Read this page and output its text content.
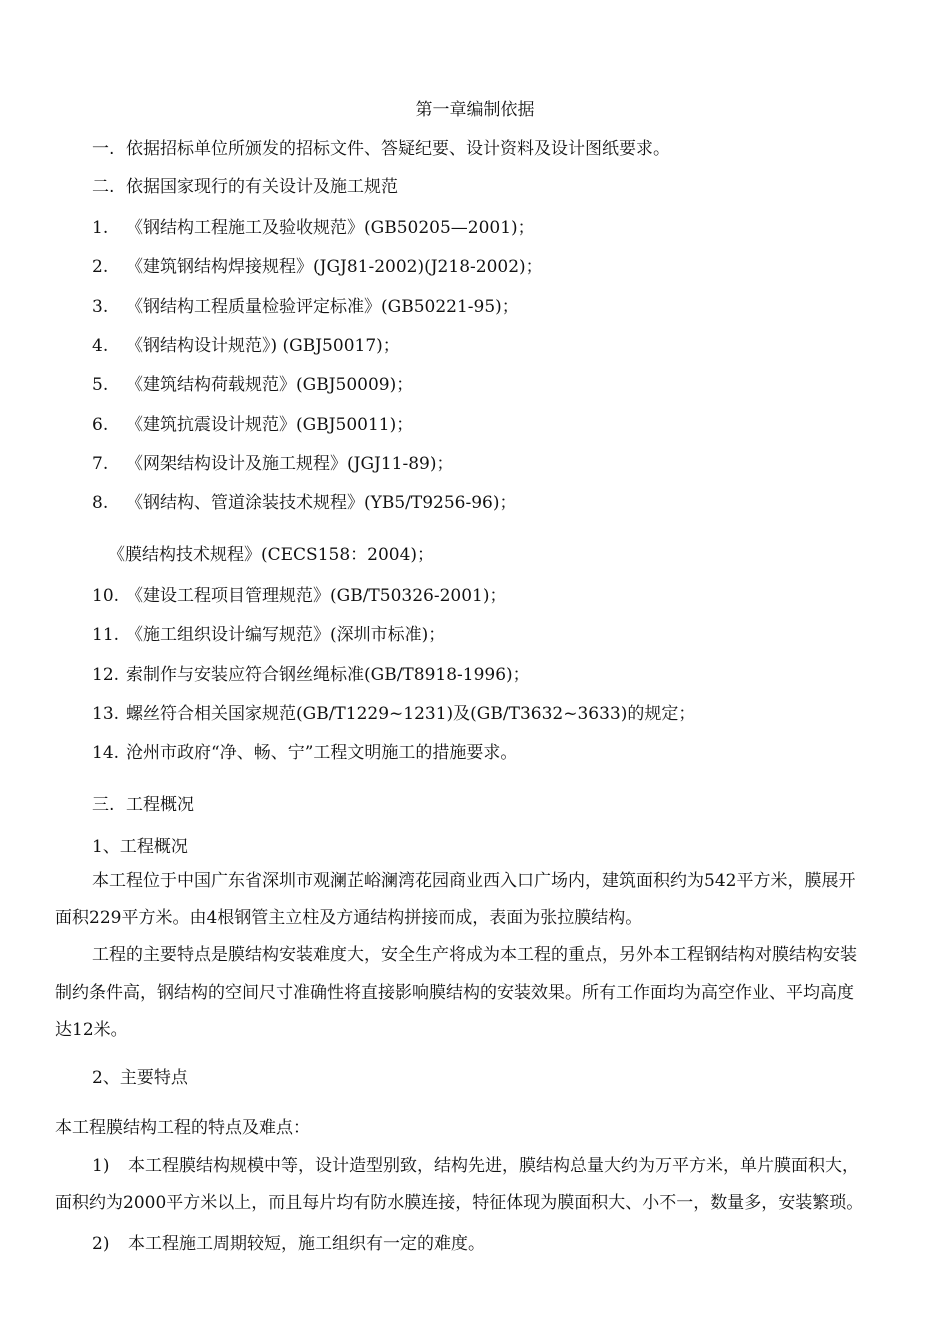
第一章编制依据
一. 依据招标单位所颁发的招标文件、答疑纪要、设计资料及设计图纸要求。
二. 依据国家现行的有关设计及施工规范
1. 《钢结构工程施工及验收规范》(GB50205—2001)；
2. 《建筑钢结构焊接规程》(JGJ81-2002)(J218-2002)；
3. 《钢结构工程质量检验评定标准》(GB50221-95)；
4. 《钢结构设计规范》) (GBJ50017)；
5. 《建筑结构荷载规范》(GBJ50009)；
6. 《建筑抗震设计规范》(GBJ50011)；
7. 《网架结构设计及施工规程》(JGJ11-89)；
8. 《钢结构、管道涂装技术规程》(YB5/T9256-96)；
《膜结构技术规程》(CECS158：2004)；
10. 《建设工程项目管理规范》(GB/T50326-2001)；
11. 《施工组织设计编写规范》(深圳市标准)；
12. 索制作与安装应符合钢丝绳标准(GB/T8918-1996)；
13. 螺丝符合相关国家规范(GB/T1229~1231)及(GB/T3632~3633)的规定；
14. 沧州市政府“净、畅、宁”工程文明施工的措施要求。
三. 工程概况
1、工程概况
本工程位于中国广东省深圳市观澜芷峪澜湾花园商业西入口广场内，建筑面积约为542平方米，膜展开
面积229平方米。由4根钢管主立柱及方通结构拼接而成，表面为张拉膜结构。
工程的主要特点是膜结构安装难度大，安全生产将成为本工程的重点，另外本工程钢结构对膜结构安装
制约条件高，钢结构的空间尺寸准确性将直接影响膜结构的安装效果。所有工作面均为高空作业、平均高度
达12米。
2、主要特点
本工程膜结构工程的特点及难点：
1) 本工程膜结构规模中等，设计造型别致，结构先进，膜结构总量大约为万平方米，单片膜面积大，
面积约为2000平方米以上，而且每片均有防水膜连接，特征体现为膜面积大、小不一，数量多，安装繁琐。
2) 本工程施工周期较短，施工组织有一定的难度。
